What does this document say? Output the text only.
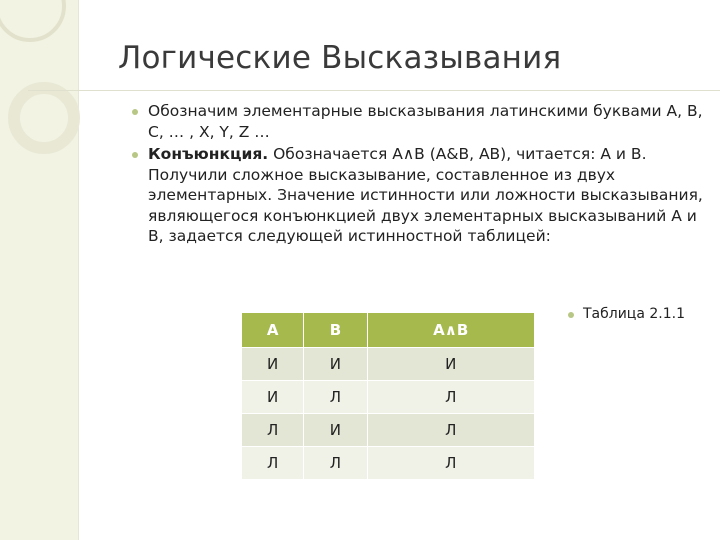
Логические Высказывания
Обозначим элементарные высказывания латинскими буквами A, B, C, … , X, Y, Z …
Конъюнкция. Обозначается A∧B (A&B, AB), читается: A и B. Получили сложное высказывание, составленное из двух элементарных. Значение истинности или ложности высказывания, являющегося конъюнкцией двух элементарных высказываний A и B, задается следующей истинностной таблицей:
A	B	A∧B
И	И	И
И	Л	Л
Л	И	Л
Л	Л	Л
Таблица 2.1.1
